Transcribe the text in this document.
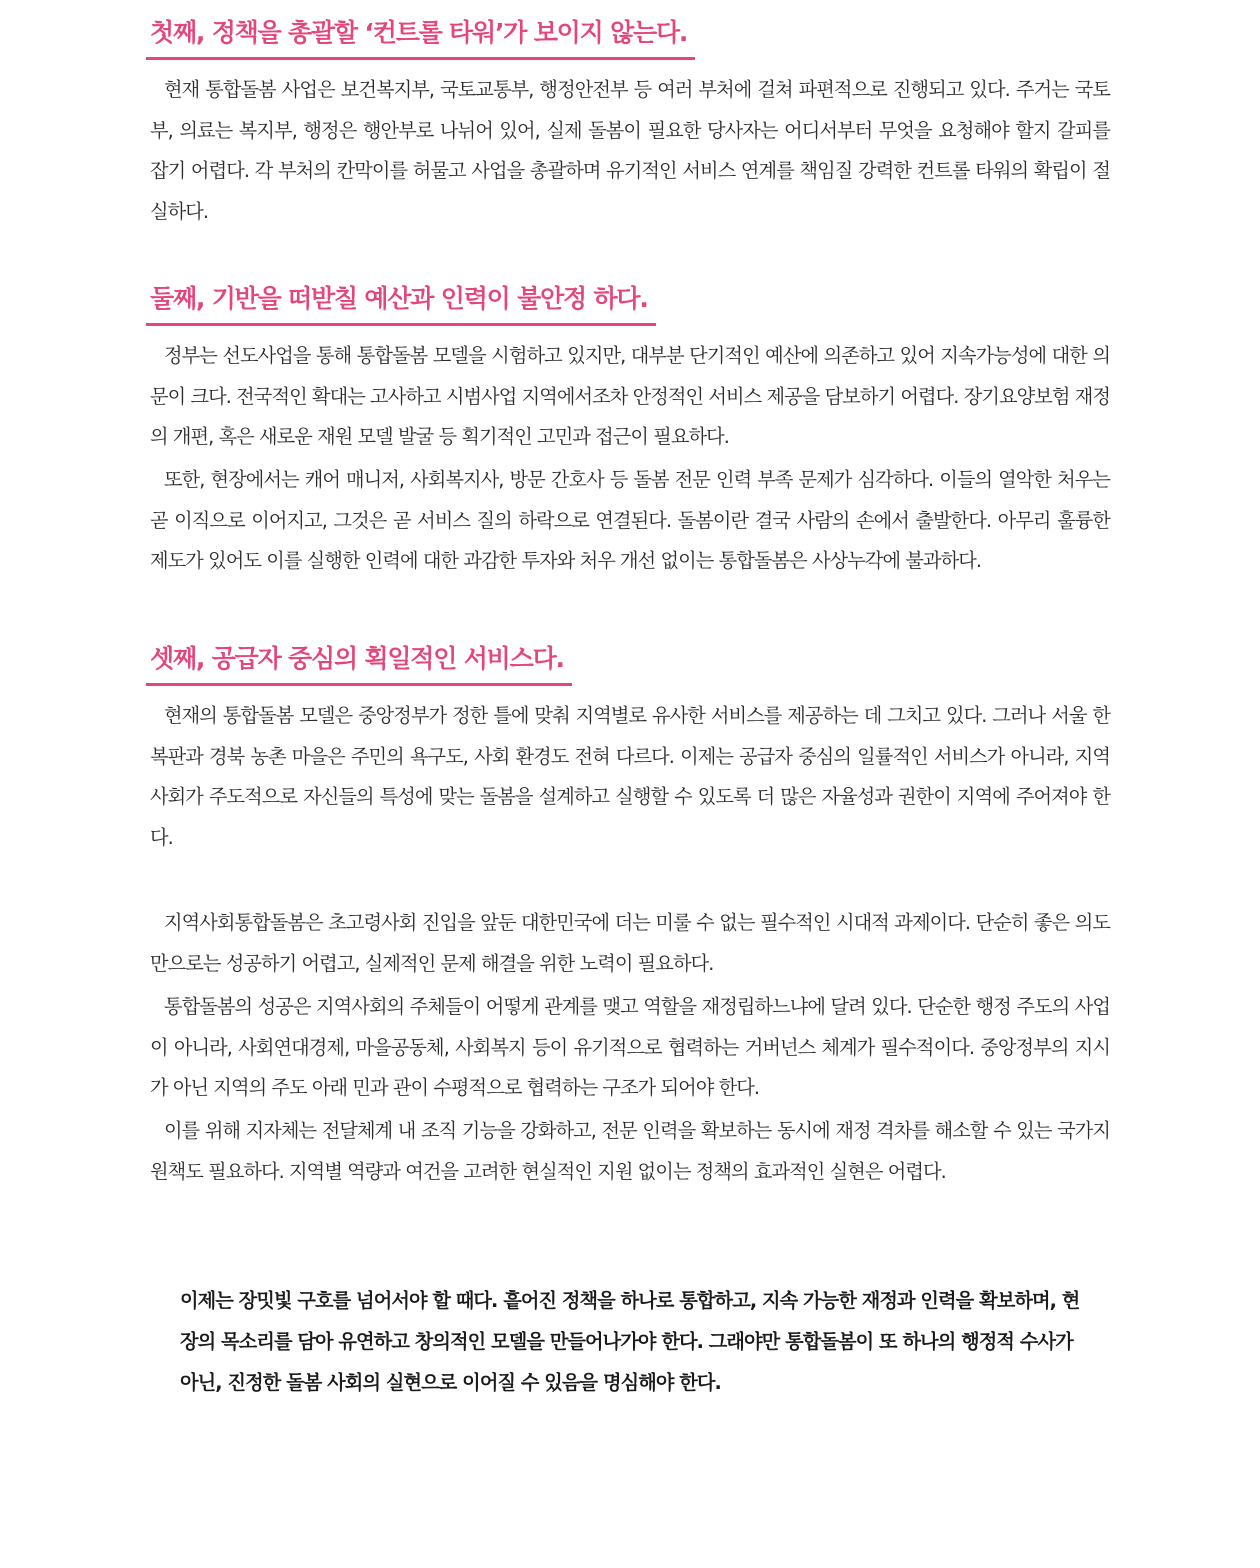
첫째, 정책을 총괄할 ‘컨트롤 타워’가 보이지 않는다.

현재 통합돌봄 사업은 보건복지부, 국토교통부, 행정안전부 등 여러 부처에 걸쳐 파편적으로 진행되고 있다. 주거는 국토부, 의료는 복지부, 행정은 행안부로 나뉘어 있어, 실제 돌봄이 필요한 당사자는 어디서부터 무엇을 요청해야 할지 갈피를 잡기 어렵다. 각 부처의 칸막이를 허물고 사업을 총괄하며 유기적인 서비스 연계를 책임질 강력한 컨트롤 타워의 확립이 절실하다.

둘째, 기반을 떠받칠 예산과 인력이 불안정 하다.

정부는 선도사업을 통해 통합돌봄 모델을 시험하고 있지만, 대부분 단기적인 예산에 의존하고 있어 지속가능성에 대한 의문이 크다. 전국적인 확대는 고사하고 시범사업 지역에서조차 안정적인 서비스 제공을 담보하기 어렵다. 장기요양보험 재정의 개편, 혹은 새로운 재원 모델 발굴 등 획기적인 고민과 접근이 필요하다.

또한, 현장에서는 캐어 매니저, 사회복지사, 방문 간호사 등 돌봄 전문 인력 부족 문제가 심각하다. 이들의 열악한 처우는 곧 이직으로 이어지고, 그것은 곧 서비스 질의 하락으로 연결된다. 돌봄이란 결국 사람의 손에서 출발한다. 아무리 훌륭한 제도가 있어도 이를 실행한 인력에 대한 과감한 투자와 처우 개선 없이는 통합돌봄은 사상누각에 불과하다.

셋째, 공급자 중심의 획일적인 서비스다.

현재의 통합돌봄 모델은 중앙정부가 정한 틀에 맞춰 지역별로 유사한 서비스를 제공하는 데 그치고 있다. 그러나 서울 한복판과 경북 농촌 마을은 주민의 욕구도, 사회 환경도 전혀 다르다. 이제는 공급자 중심의 일률적인 서비스가 아니라, 지역사회가 주도적으로 자신들의 특성에 맞는 돌봄을 설계하고 실행할 수 있도록 더 많은 자율성과 권한이 지역에 주어져야 한다.

지역사회통합돌봄은 초고령사회 진입을 앞둔 대한민국에 더는 미룰 수 없는 필수적인 시대적 과제이다. 단순히 좋은 의도만으로는 성공하기 어렵고, 실제적인 문제 해결을 위한 노력이 필요하다.

통합돌봄의 성공은 지역사회의 주체들이 어떻게 관계를 맺고 역할을 재정립하느냐에 달려 있다. 단순한 행정 주도의 사업이 아니라, 사회연대경제, 마을공동체, 사회복지 등이 유기적으로 협력하는 거버넌스 체계가 필수적이다. 중앙정부의 지시가 아닌 지역의 주도 아래 민과 관이 수평적으로 협력하는 구조가 되어야 한다.

이를 위해 지자체는 전달체계 내 조직 기능을 강화하고, 전문 인력을 확보하는 동시에 재정 격차를 해소할 수 있는 국가지원책도 필요하다. 지역별 역량과 여건을 고려한 현실적인 지원 없이는 정책의 효과적인 실현은 어렵다.

이제는 장밋빛 구호를 넘어서야 할 때다. 흩어진 정책을 하나로 통합하고, 지속 가능한 재정과 인력을 확보하며, 현장의 목소리를 담아 유연하고 창의적인 모델을 만들어나가야 한다. 그래야만 통합돌봄이 또 하나의 행정적 수사가 아닌, 진정한 돌봄 사회의 실현으로 이어질 수 있음을 명심해야 한다.
